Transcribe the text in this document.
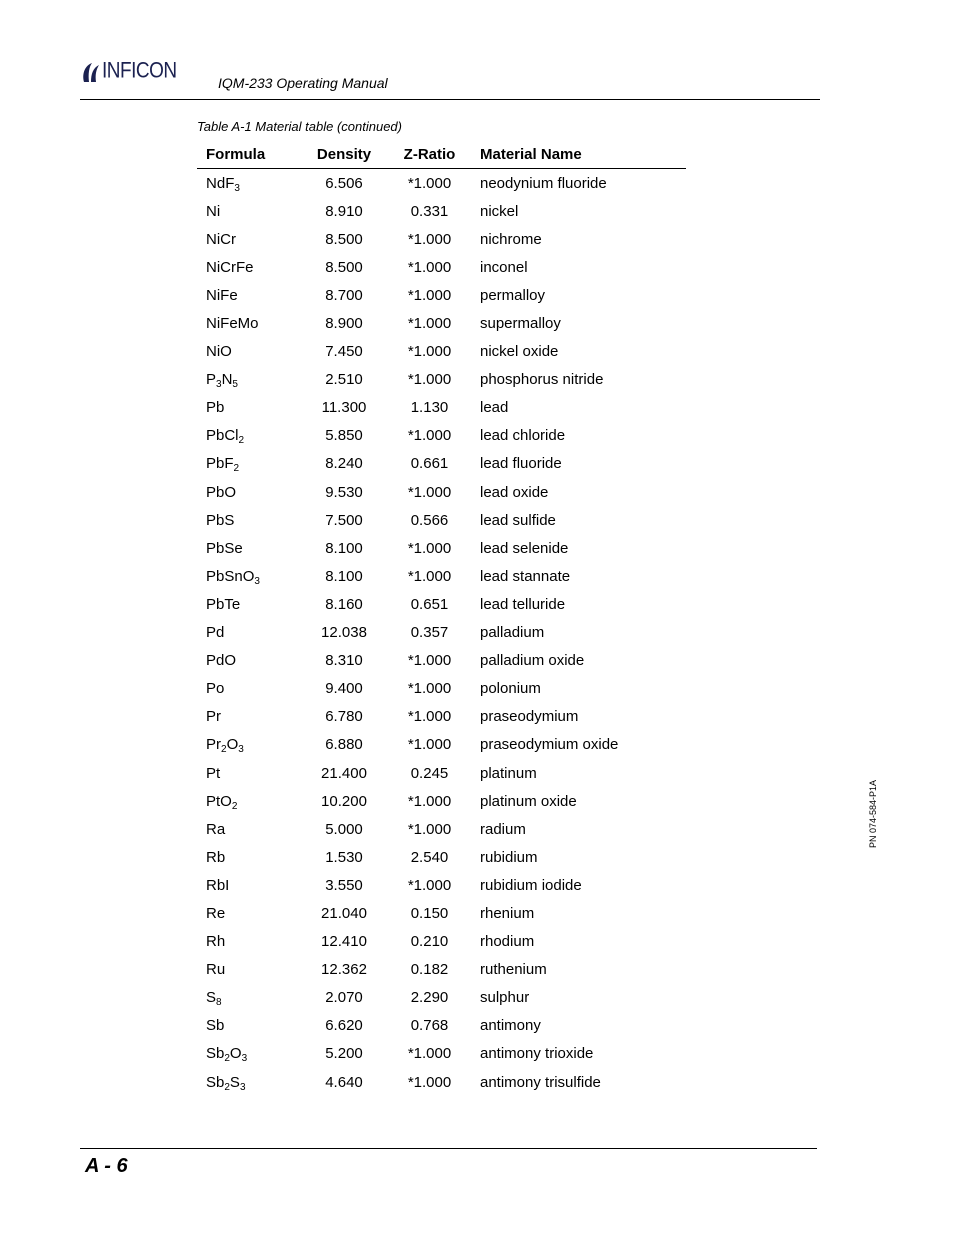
INFICON	IQM-233 Operating Manual
Table A-1 Material table (continued)
Formula	Density	Z-Ratio	Material Name
NdF$_3$	6.506	*1.000	neodynium fluoride
Ni	8.910	0.331	nickel
NiCr	8.500	*1.000	nichrome
NiCrFe	8.500	*1.000	inconel
NiFe	8.700	*1.000	permalloy
NiFeMo	8.900	*1.000	supermalloy
NiO	7.450	*1.000	nickel oxide
$P_3N_5$	2.510	*1.000	phosphorus nitride
Pb	11.300	1.130	lead
PbCl$_2$	5.850	*1.000	lead chloride
PbF$_2$	8.240	0.661	lead fluoride
PbO	9.530	*1.000	lead oxide
PbS	7.500	0.566	lead sulfide
PbSe	8.100	*1.000	lead selenide
PbSnO$_3$	8.100	*1.000	lead stannate
PbTe	8.160	0.651	lead telluride
Pd	12.038	0.357	palladium
PdO	8.310	*1.000	palladium oxide
Po	9.400	*1.000	polonium
Pr	6.780	*1.000	praseodymium
$Pr_2O_3$	6.880	*1.000	praseodymium oxide
Pt	21.400	0.245	platinum
PtO$_2$	10.200	*1.000	platinum oxide
Ra	5.000	*1.000	radium
Rb	1.530	2.540	rubidium
RbI	3.550	*1.000	rubidium iodide
Re	21.040	0.150	rhenium
Rh	12.410	0.210	rhodium
Ru	12.362	0.182	ruthenium
$S_8$	2.070	2.290	sulphur
Sb	6.620	0.768	antimony
$Sb_2O_3$	5.200	*1.000	antimony trioxide
$Sb_2S_3$	4.640	*1.000	antimony trisulfide
PN 074-584-P1A
A - 6
